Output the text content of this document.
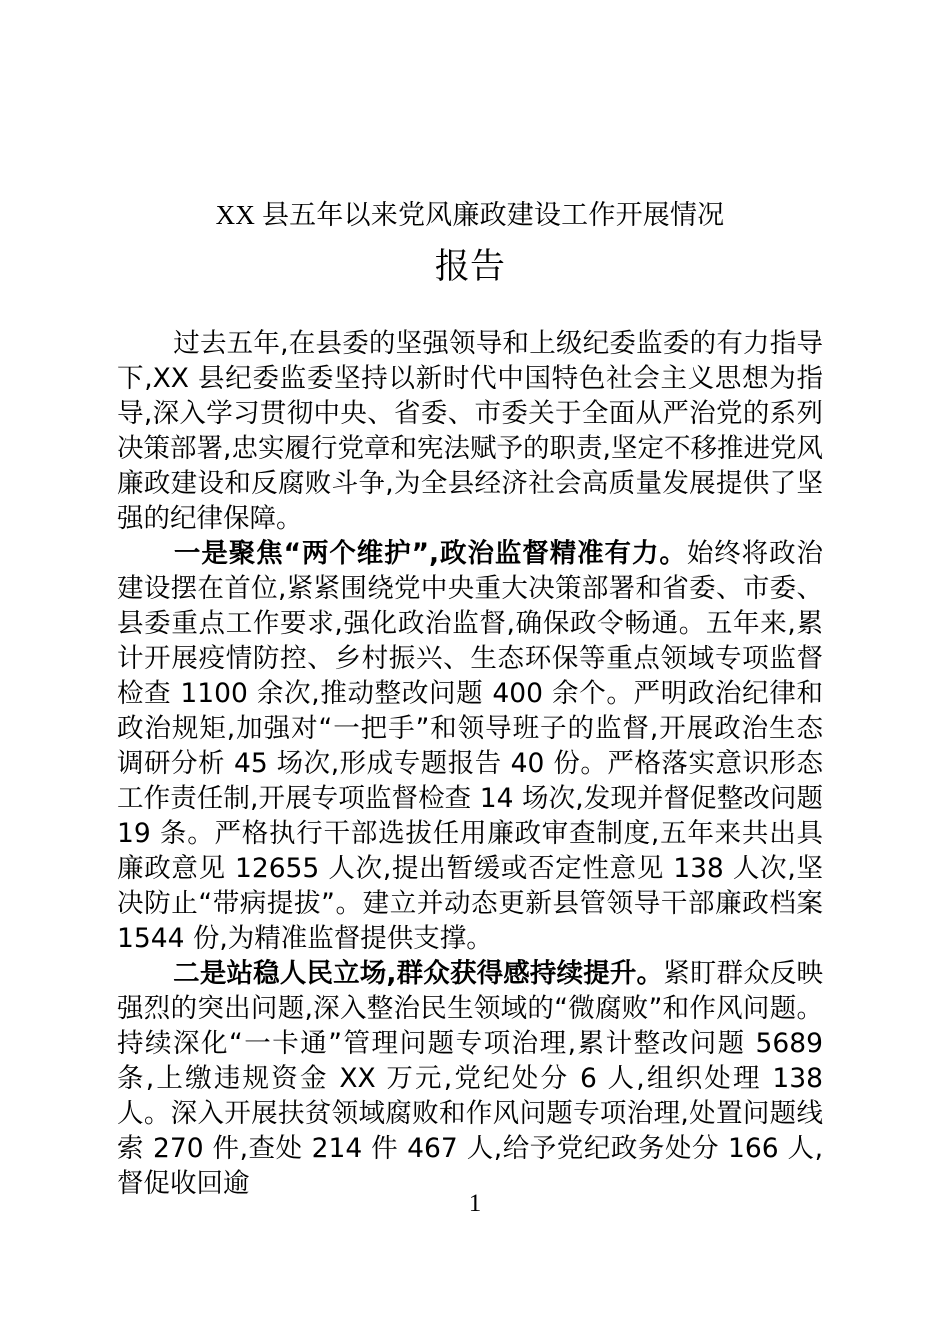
XX 县五年以来党风廉政建设工作开展情况
报告

过去五年,在县委的坚强领导和上级纪委监委的有力指导下,XX 县纪委监委坚持以新时代中国特色社会主义思想为指导,深入学习贯彻中央、省委、市委关于全面从严治党的系列决策部署,忠实履行党章和宪法赋予的职责,坚定不移推进党风廉政建设和反腐败斗争,为全县经济社会高质量发展提供了坚强的纪律保障。

一是聚焦“两个维护”,政治监督精准有力。始终将政治建设摆在首位,紧紧围绕党中央重大决策部署和省委、市委、县委重点工作要求,强化政治监督,确保政令畅通。五年来,累计开展疫情防控、乡村振兴、生态环保等重点领域专项监督检查 1100 余次,推动整改问题 400 余个。严明政治纪律和政治规矩,加强对“一把手”和领导班子的监督,开展政治生态调研分析 45 场次,形成专题报告 40 份。严格落实意识形态工作责任制,开展专项监督检查 14 场次,发现并督促整改问题 19 条。严格执行干部选拔任用廉政审查制度,五年来共出具廉政意见 12655 人次,提出暂缓或否定性意见 138 人次,坚决防止“带病提拔”。建立并动态更新县管领导干部廉政档案 1544 份,为精准监督提供支撑。

二是站稳人民立场,群众获得感持续提升。紧盯群众反映强烈的突出问题,深入整治民生领域的“微腐败”和作风问题。持续深化“一卡通”管理问题专项治理,累计整改问题 5689 条,上缴违规资金 XX 万元,党纪处分 6 人,组织处理 138 人。深入开展扶贫领域腐败和作风问题专项治理,处置问题线索 270 件,查处 214 件 467 人,给予党纪政务处分 166 人,督促收回逾

1
